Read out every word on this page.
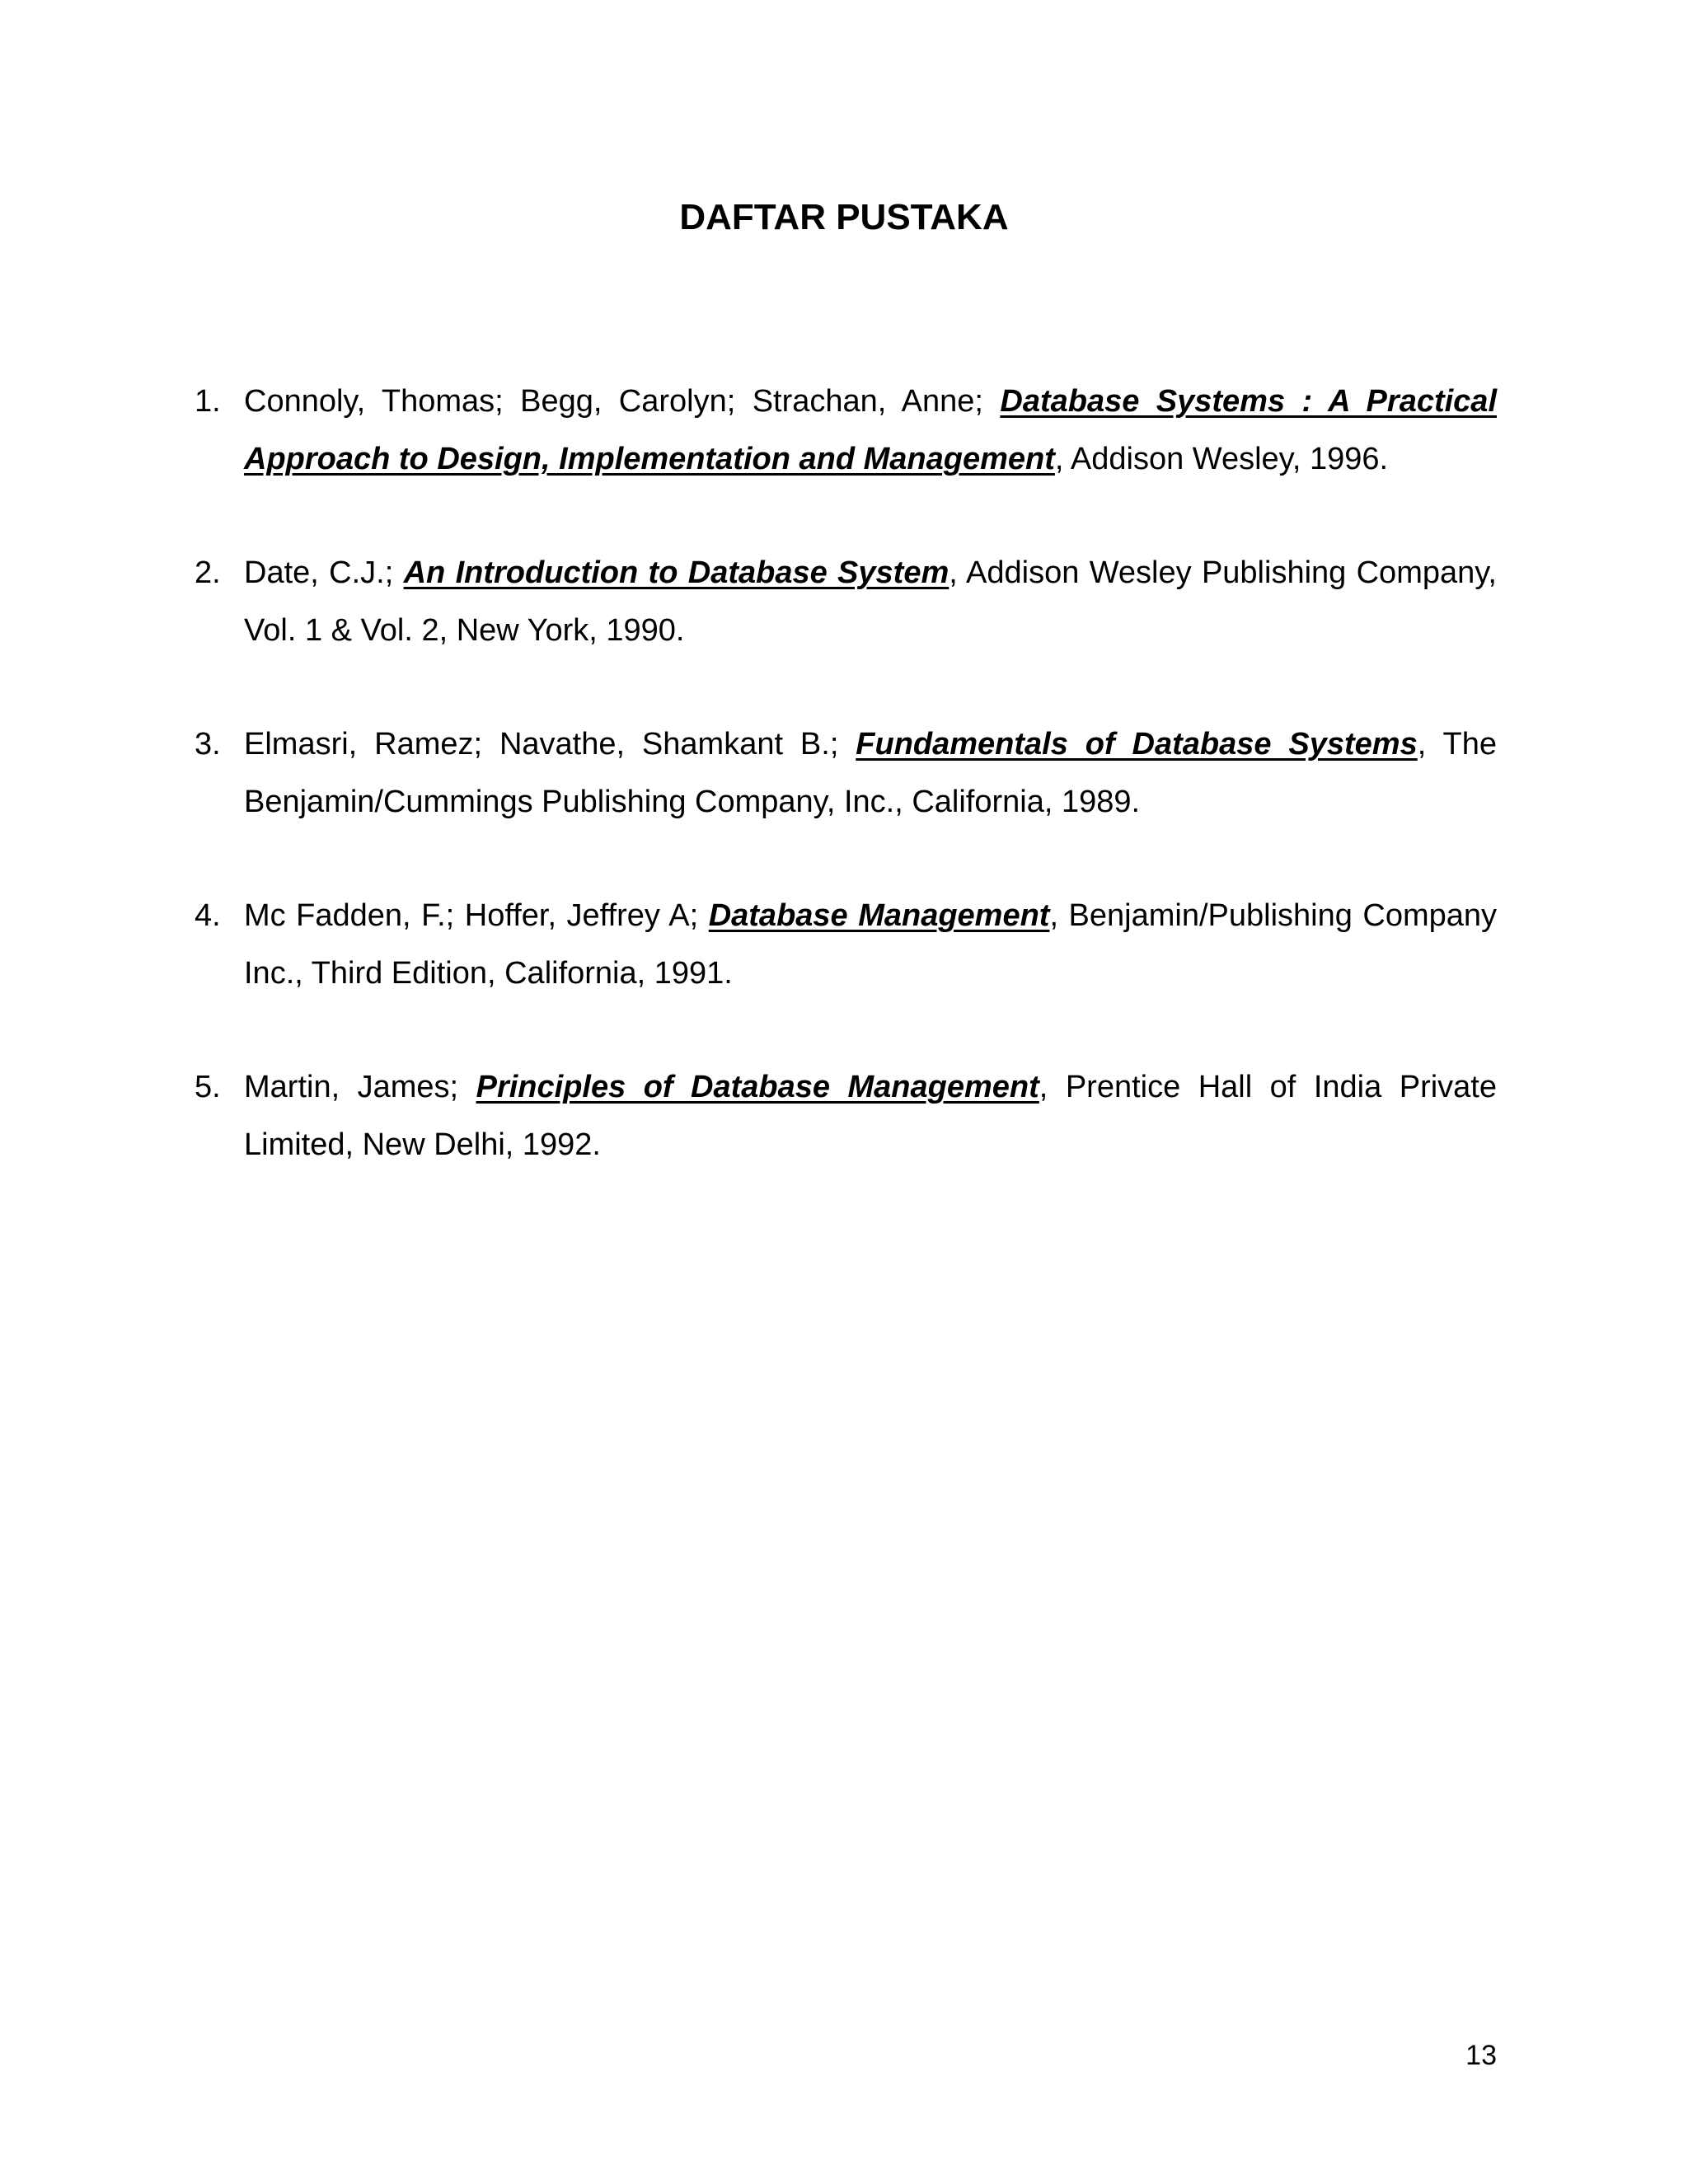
DAFTAR PUSTAKA
1. Connoly, Thomas; Begg, Carolyn; Strachan, Anne; Database Systems : A Practical Approach to Design, Implementation and Management, Addison Wesley, 1996.
2. Date, C.J.; An Introduction to Database System, Addison Wesley Publishing Company, Vol. 1 & Vol. 2, New York, 1990.
3. Elmasri, Ramez; Navathe, Shamkant B.; Fundamentals of Database Systems, The Benjamin/Cummings Publishing Company, Inc., California, 1989.
4. Mc Fadden, F.; Hoffer, Jeffrey A; Database Management, Benjamin/Publishing Company Inc., Third Edition, California, 1991.
5. Martin, James; Principles of Database Management, Prentice Hall of India Private Limited, New Delhi, 1992.
13
